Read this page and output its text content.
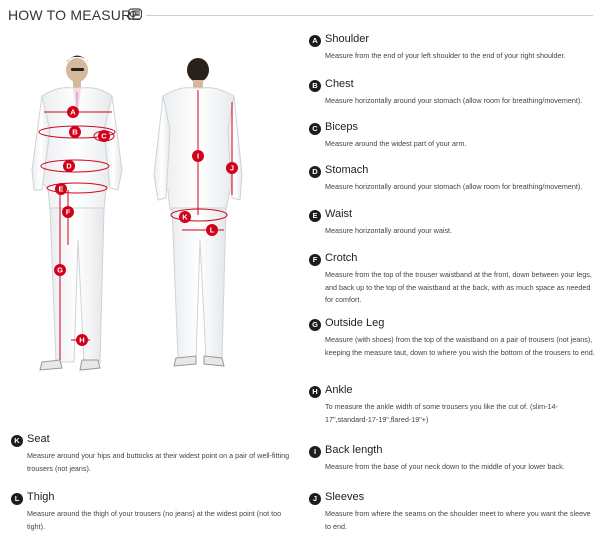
HOW TO MEASURE
A
B	C
D
E
F
G
H
I
J
K
L
A Shoulder
Measure from the end of your left shoulder to the end of your right shoulder.
B Chest
Measure horizontally around your stomach (allow room for breathing/movement).
C Biceps
Measure around the widest part of your arm.
D Stomach
Measure horizontally around your stomach (allow room for breathing/movement).
E Waist
Measure horizontally around your waist.
F Crotch
Measure from the top of the trouser waistband at the front, down between your legs, and back up to the top of the waistband at the back, with as much space as needed for comfort.
G Outside Leg
Measure (with shoes) from the top of the waistband on a pair of trousers (not jeans), keeping the measure taut, down to where you wish the bottom of the trousers to end.
H Ankle
To measure the ankle width of some trousers you like the cut of. (slim-14-17",standard-17-19",flared-19"+)
I Back length
Measure from the base of your neck down to the middle of your lower back.
J Sleeves
Measure from where the seams on the shoulder meet to where you want the sleeve to end.
K Seat
Measure around your hips and buttocks at their widest point on a pair of well-fitting trousers (not jeans).
L Thigh
Measure around the thigh of your trousers (no jeans) at the widest point (not too tight).
